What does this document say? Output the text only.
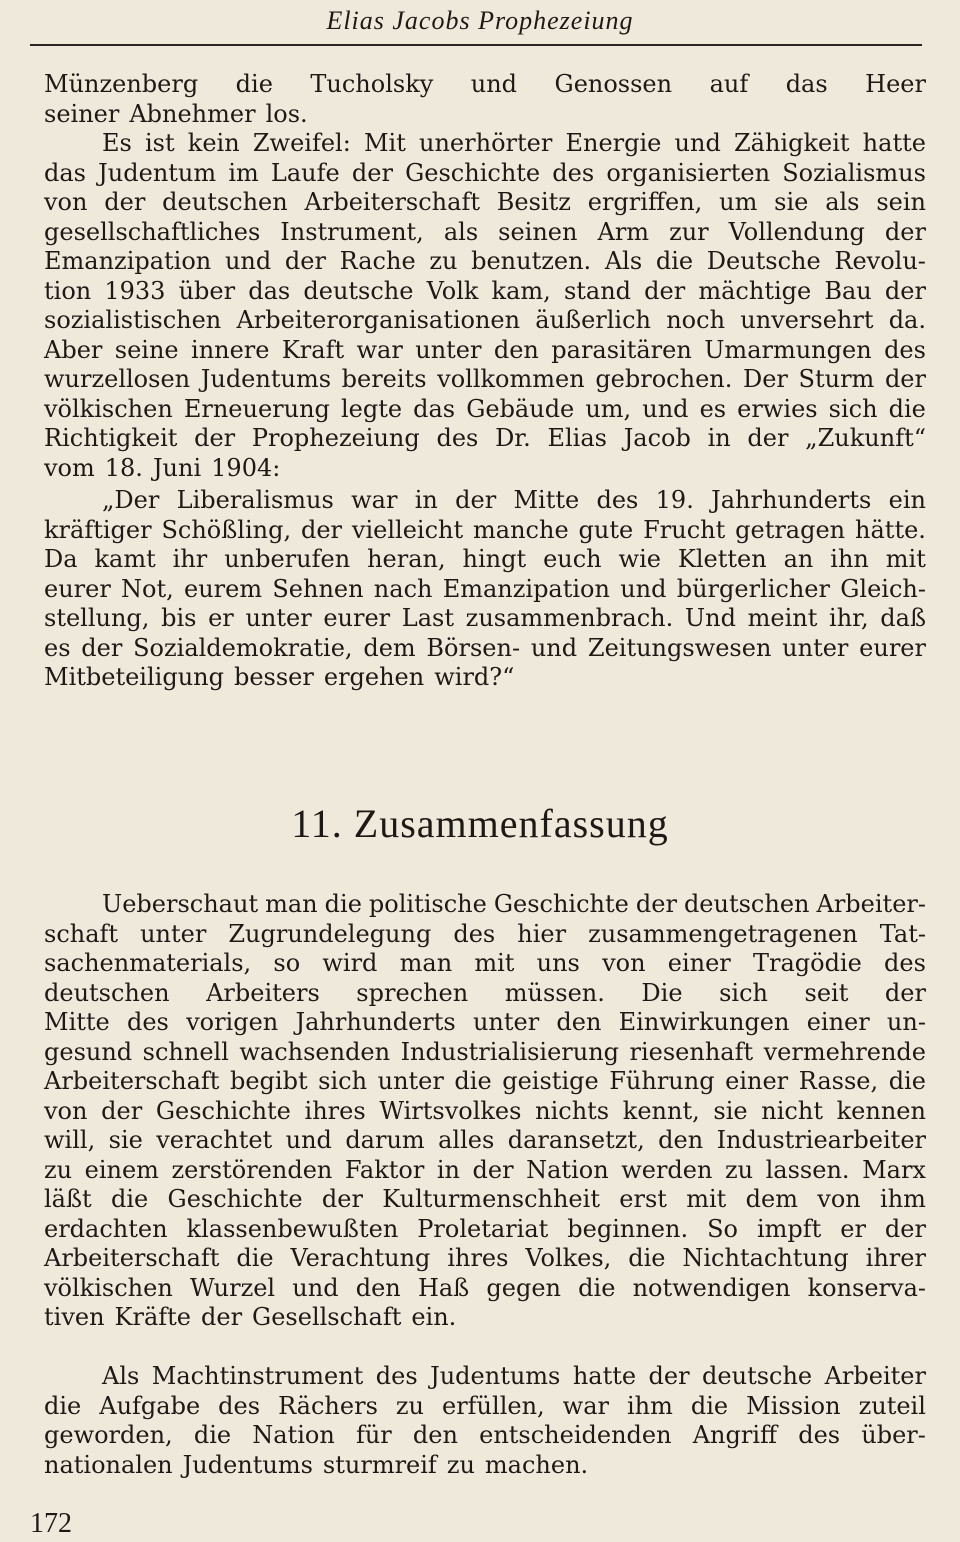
Elias Jacobs Prophezeiung
Münzenberg die Tucholsky und Genossen auf das Heer
seiner Abnehmer los.
Es ist kein Zweifel: Mit unerhörter Energie und Zähigkeit hatte
das Judentum im Laufe der Geschichte des organisierten Sozialismus
von der deutschen Arbeiterschaft Besitz ergriffen, um sie als sein
gesellschaftliches Instrument, als seinen Arm zur Vollendung der
Emanzipation und der Rache zu benutzen. Als die Deutsche Revolu-
tion 1933 über das deutsche Volk kam, stand der mächtige Bau der
sozialistischen Arbeiterorganisationen äußerlich noch unversehrt da.
Aber seine innere Kraft war unter den parasitären Umarmungen des
wurzellosen Judentums bereits vollkommen gebrochen. Der Sturm der
völkischen Erneuerung legte das Gebäude um, und es erwies sich die
Richtigkeit der Prophezeiung des Dr. Elias Jacob in der „Zukunft“
vom 18. Juni 1904:
„Der Liberalismus war in der Mitte des 19. Jahrhunderts ein
kräftiger Schößling, der vielleicht manche gute Frucht getragen hätte.
Da kamt ihr unberufen heran, hingt euch wie Kletten an ihn mit
eurer Not, eurem Sehnen nach Emanzipation und bürgerlicher Gleich-
stellung, bis er unter eurer Last zusammenbrach. Und meint ihr, daß
es der Sozialdemokratie, dem Börsen- und Zeitungswesen unter eurer
Mitbeteiligung besser ergehen wird?“
11. Zusammenfassung
Ueberschaut man die politische Geschichte der deutschen Arbeiter-
schaft unter Zugrundelegung des hier zusammengetragenen Tat-
sachenmaterials, so wird man mit uns von einer Tragödie des
deutschen Arbeiters sprechen müssen. Die sich seit der
Mitte des vorigen Jahrhunderts unter den Einwirkungen einer un-
gesund schnell wachsenden Industrialisierung riesenhaft vermehrende
Arbeiterschaft begibt sich unter die geistige Führung einer Rasse, die
von der Geschichte ihres Wirtsvolkes nichts kennt, sie nicht kennen
will, sie verachtet und darum alles daransetzt, den Industriearbeiter
zu einem zerstörenden Faktor in der Nation werden zu lassen. Marx
läßt die Geschichte der Kulturmenschheit erst mit dem von ihm
erdachten klassenbewußten Proletariat beginnen. So impft er der
Arbeiterschaft die Verachtung ihres Volkes, die Nichtachtung ihrer
völkischen Wurzel und den Haß gegen die notwendigen konserva-
tiven Kräfte der Gesellschaft ein.
Als Machtinstrument des Judentums hatte der deutsche Arbeiter
die Aufgabe des Rächers zu erfüllen, war ihm die Mission zuteil
geworden, die Nation für den entscheidenden Angriff des über-
nationalen Judentums sturmreif zu machen.
172
